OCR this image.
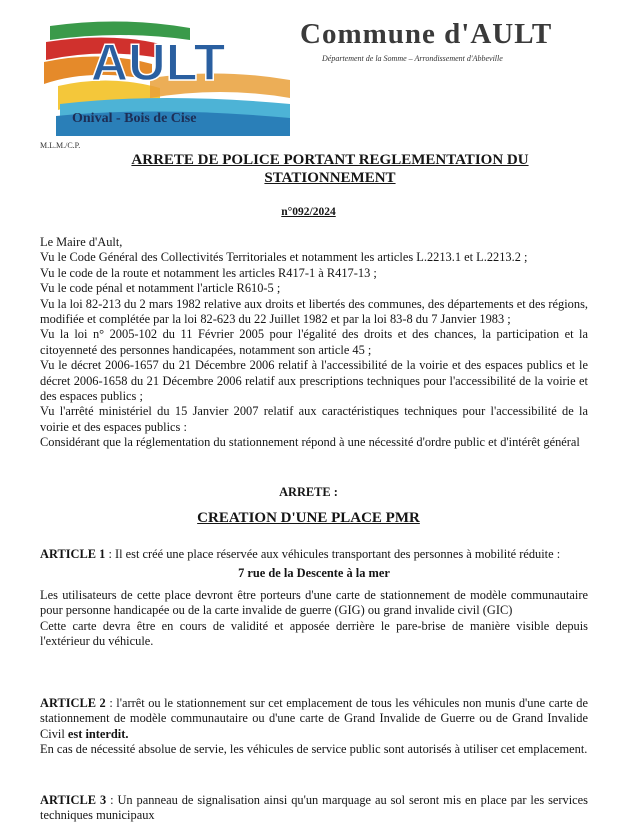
AULT
Onival - Bois de Cise
Commune d'AULT
Département de la Somme – Arrondissement d'Abbeville
M.L.M./C.P.
ARRETE DE POLICE PORTANT REGLEMENTATION DU STATIONNEMENT
n°092/2024

Le Maire d'Ault,

Vu le Code Général des Collectivités Territoriales et notamment les articles L.2213.1 et L.2213.2 ;

Vu le code de la route et notamment les articles R417-1 à R417-13 ;

Vu le code pénal et notamment l'article R610-5 ;

Vu la loi 82-213 du 2 mars 1982 relative aux droits et libertés des communes, des départements et des régions, modifiée et complétée par la loi 82-623 du 22 Juillet 1982 et par la loi 83-8 du 7 Janvier 1983 ;

Vu la loi n° 2005-102 du 11 Février 2005 pour l'égalité des droits et des chances, la participation et la citoyenneté des personnes handicapées, notamment son article 45 ;

Vu le décret 2006-1657 du 21 Décembre 2006 relatif à l'accessibilité de la voirie et des espaces publics et le décret 2006-1658 du 21 Décembre 2006 relatif aux prescriptions techniques pour l'accessibilité de la voirie et des espaces publics ;

Vu l'arrêté ministériel du 15 Janvier 2007 relatif aux caractéristiques techniques pour l'accessibilité de la voirie et des espaces publics :

Considérant que la réglementation du stationnement répond à une nécessité d'ordre public et d'intérêt général

ARRETE :
CREATION D'UNE PLACE PMR

ARTICLE 1 : Il est créé une place réservée aux véhicules transportant des personnes à mobilité réduite :

7 rue de la Descente à la mer

Les utilisateurs de cette place devront être porteurs d'une carte de stationnement de modèle communautaire pour personne handicapée ou de la carte invalide de guerre (GIG) ou grand invalide civil (GIC)

Cette carte devra être en cours de validité et apposée derrière le pare-brise de manière visible depuis l'extérieur du véhicule.

ARTICLE 2 : l'arrêt ou le stationnement sur cet emplacement de tous les véhicules non munis d'une carte de stationnement de modèle communautaire ou d'une carte de Grand Invalide de Guerre ou de Grand Invalide Civil est interdit.

En cas de nécessité absolue de servie, les véhicules de service public sont autorisés à utiliser cet emplacement.

ARTICLE 3 : Un panneau de signalisation ainsi qu'un marquage au sol seront mis en place par les services techniques municipaux
